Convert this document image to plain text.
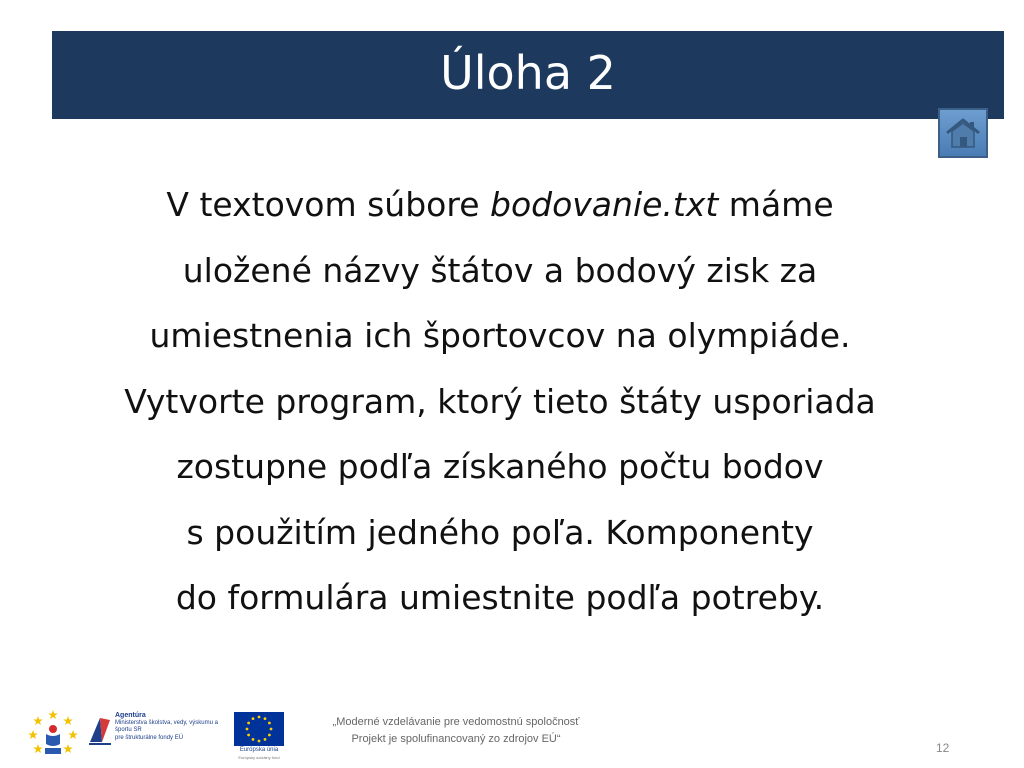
Úloha 2

V textovom súbore bodovanie.txt máme
uložené názvy štátov a bodový zisk za
umiestnenia ich športovcov na olympiáde.
Vytvorte program, ktorý tieto štáty usporiada
zostupne podľa získaného počtu bodov
s použitím jedného poľa. Komponenty
do formulára umiestnite podľa potreby.

Agentúra
Ministerstva školstva, vedy, výskumu a športu SR
pre štrukturálne fondy EÚ
Európska únia
Európsky sociálny fond
„Moderné vzdelávanie pre vedomostnú spoločnosť
Projekt je spolufinancovaný zo zdrojov EÚ“
12
